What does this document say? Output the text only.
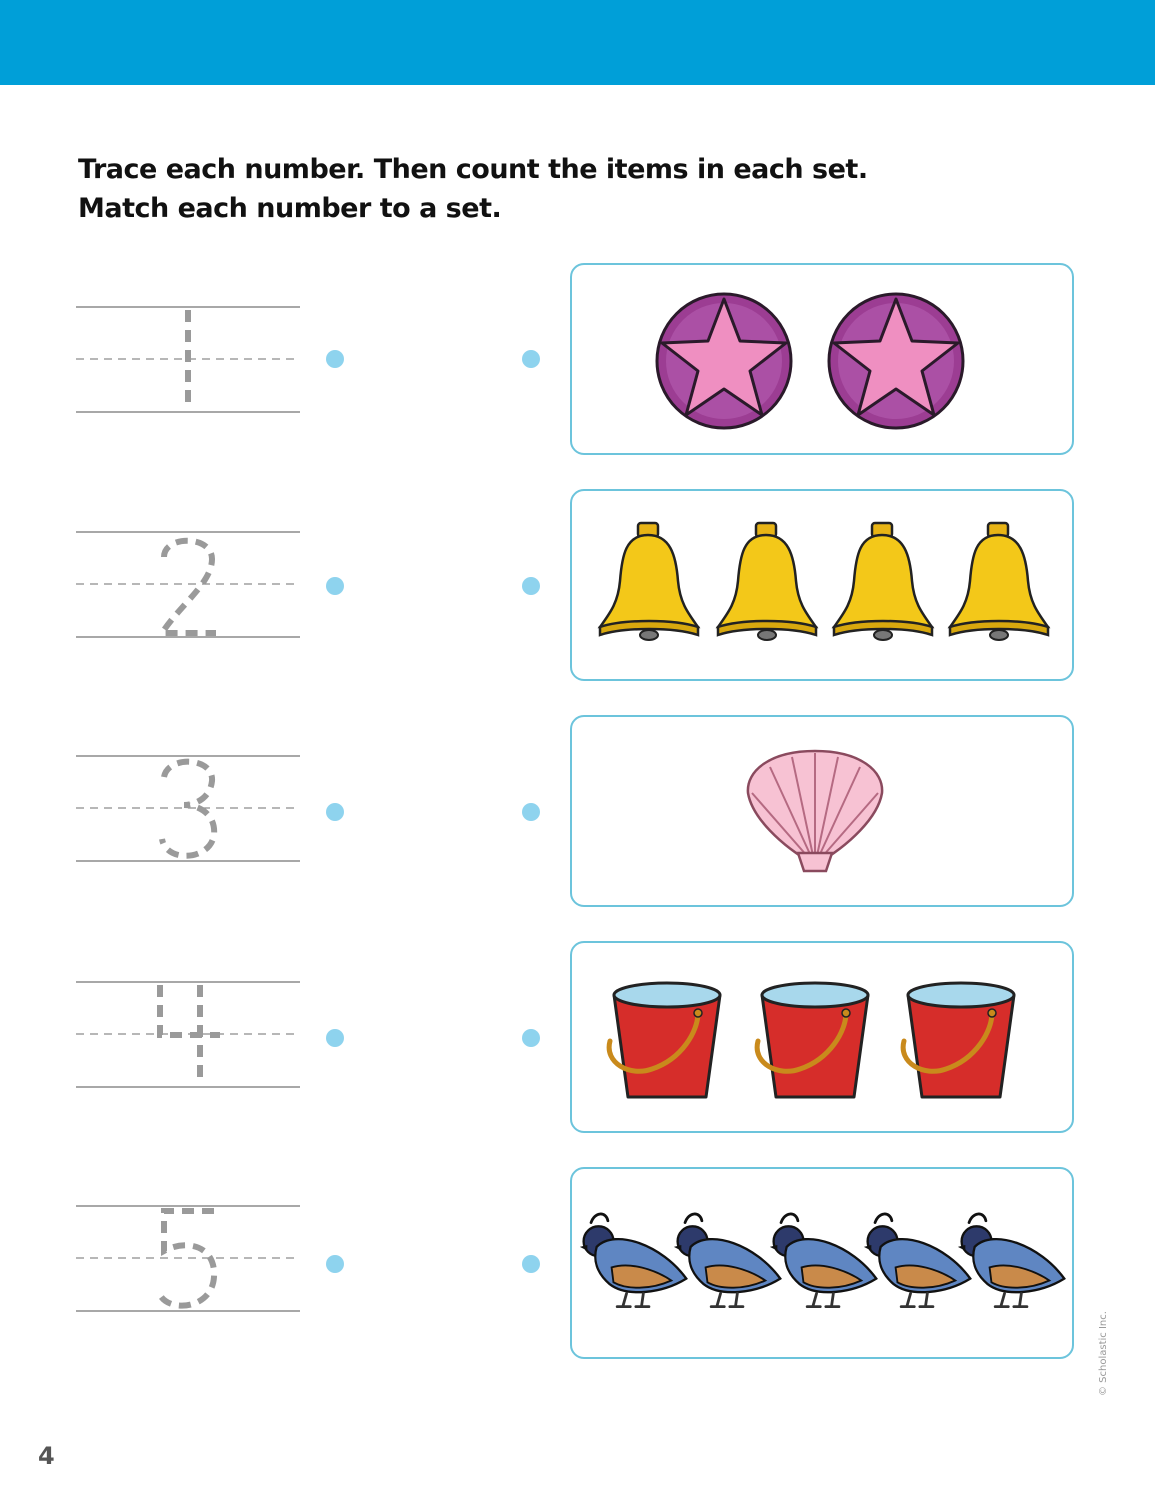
Trace each number. Then count the items in each set.
Match each number to a set.
4
© Scholastic Inc.
